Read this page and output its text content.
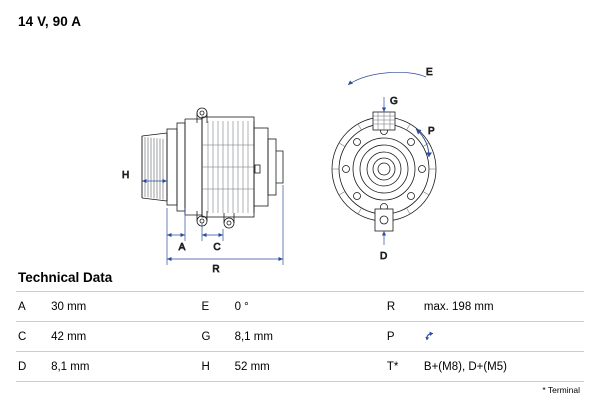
14 V, 90 A
H
A	C
R
E
G
P
D
Technical Data
A	30 mm	E	0 °	R	max. 198 mm
C	42 mm	G	8,1 mm	P	
D	8,1 mm	H	52 mm	T*	B+(M8), D+(M5)
* Terminal
